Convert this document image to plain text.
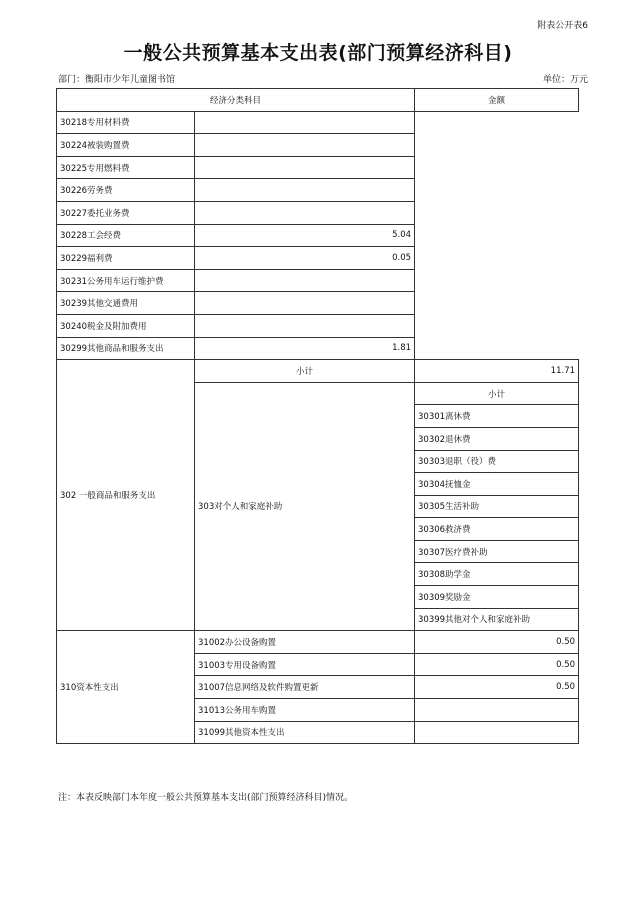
附表公开表6
一般公共预算基本支出表(部门预算经济科目)
部门：衡阳市少年儿童图书馆	单位：万元
经济分类科目		金额	
30218专用材料费			
30224被装购置费			
30225专用燃料费			
30226劳务费			
30227委托业务费			
30228工会经费	5.04		
30229福利费	0.05		
30231公务用车运行维护费			
30239其他交通费用			
30240税金及附加费用			
30299其他商品和服务支出	1.81		
302 一般商品和服务支出	小计	11.71	
	303对个人和家庭补助	小计	
		30301离休费	
		30302退休费	
		30303退职（役）费	
		30304抚恤金	
		30305生活补助	
		30306救济费	
		30307医疗费补助	
		30308助学金	
		30309奖励金	
		30399其他对个人和家庭补助	
310资本性支出	31002办公设备购置	0.50	
	31003专用设备购置	0.50	
	31007信息网络及软件购置更新	0.50	
	31013公务用车购置		
	31099其他资本性支出		
注：本表反映部门本年度一般公共预算基本支出(部门预算经济科目)情况。
